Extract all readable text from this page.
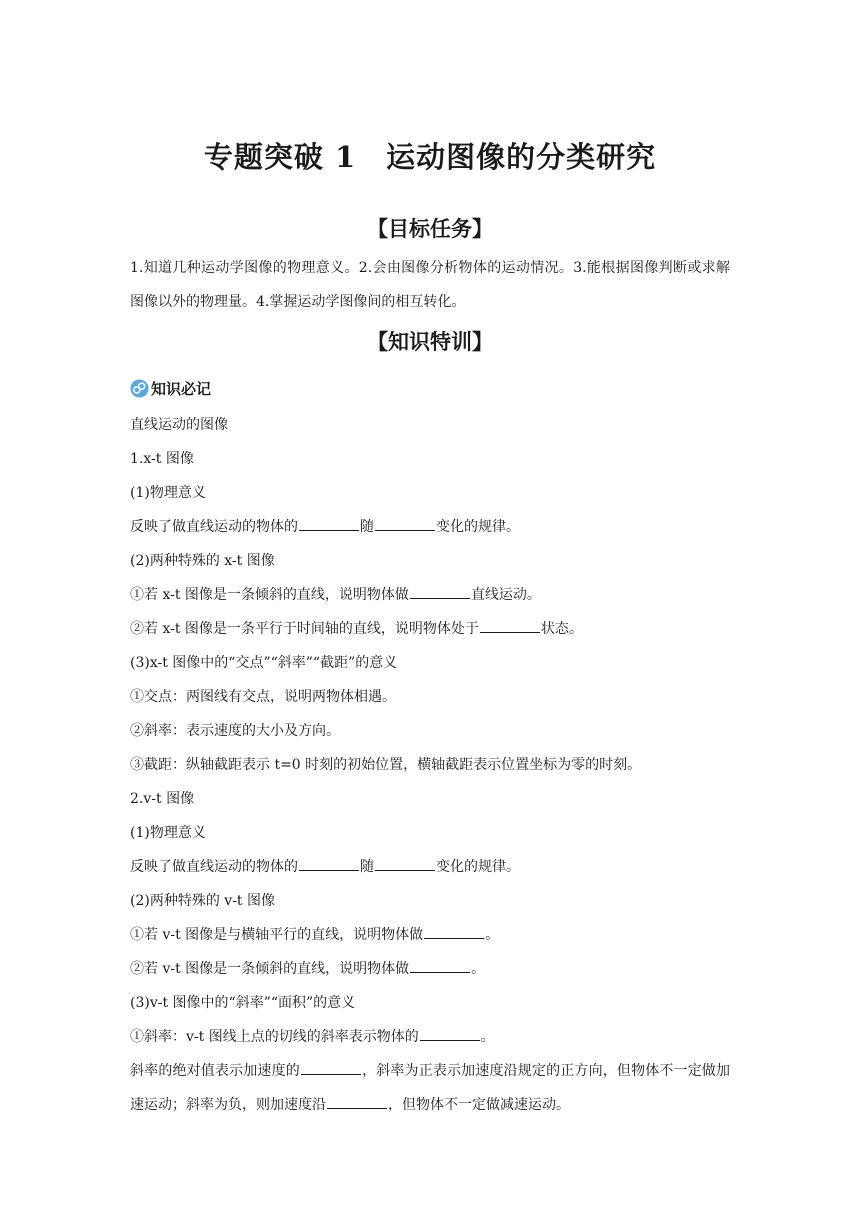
专题突破 1　运动图像的分类研究
【目标任务】
1.知道几种运动学图像的物理意义。2.会由图像分析物体的运动情况。3.能根据图像判断或求解图像以外的物理量。4.掌握运动学图像间的相互转化。
【知识特训】
知识必记
直线运动的图像
1.x-t 图像
(1)物理意义
反映了做直线运动的物体的	随	变化的规律。
(2)两种特殊的 x-t 图像
①若 x-t 图像是一条倾斜的直线，说明物体做	直线运动。
②若 x-t 图像是一条平行于时间轴的直线，说明物体处于	状态。
(3)x-t 图像中的“交点”“斜率”“截距”的意义
①交点：两图线有交点，说明两物体相遇。
②斜率：表示速度的大小及方向。
③截距：纵轴截距表示 t=0 时刻的初始位置，横轴截距表示位置坐标为零的时刻。
2.v-t 图像
(1)物理意义
反映了做直线运动的物体的	随	变化的规律。
(2)两种特殊的 v-t 图像
①若 v-t 图像是与横轴平行的直线，说明物体做	。
②若 v-t 图像是一条倾斜的直线，说明物体做	。
(3)v-t 图像中的“斜率”“面积”的意义
①斜率：v-t 图线上点的切线的斜率表示物体的	。
斜率的绝对值表示加速度的	，斜率为正表示加速度沿规定的正方向，但物体不一定做加速运动；斜率为负，则加速度沿	，但物体不一定做减速运动。
